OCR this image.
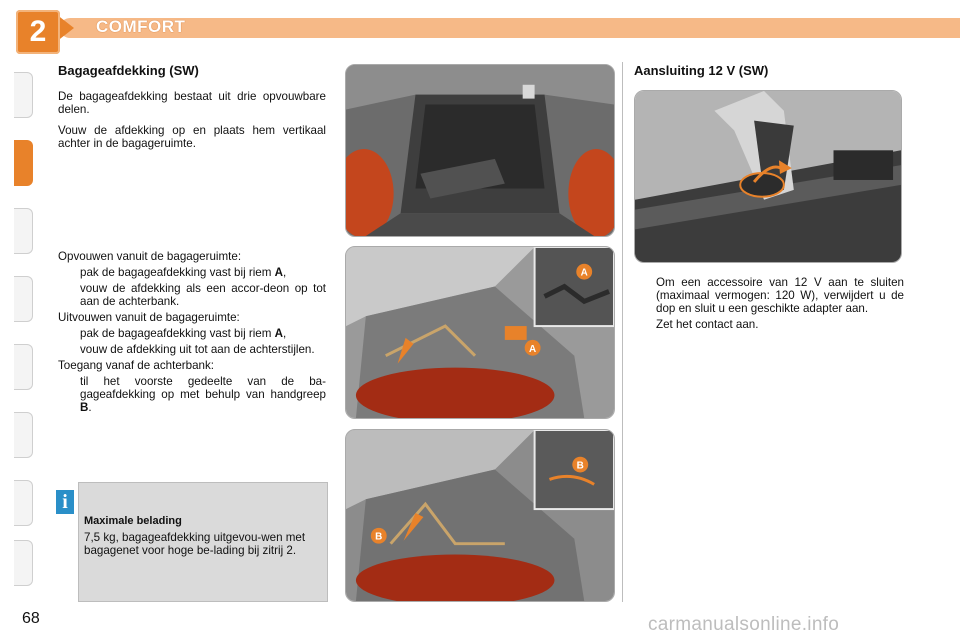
2	COMFORT
Bagageafdekking (SW)

De bagageafdekking bestaat uit drie opvouwbare delen.

Vouw de afdekking op en plaats hem vertikaal achter in de bagageruimte.

Opvouwen vanuit de bagageruimte:

pak de bagageafdekking vast bij riem A,
vouw de afdekking als een accor-deon op tot aan de achterbank.

Uitvouwen vanuit de bagageruimte:

pak de bagageafdekking vast bij riem A,
vouw de afdekking uit tot aan de achterstijlen.

Toegang vanaf de achterbank:

til het voorste gedeelte van de ba-gageafdekking op met behulp van handgreep B.
i
Maximale belading

7,5 kg, bagageafdekking uitgevou-wen met bagagenet voor hoge be-lading bij zitrij 2.

A
A
B
B
Aansluiting 12 V (SW)
Om een accessoire van 12 V aan te sluiten (maximaal vermogen: 120 W), verwijdert u de dop en sluit u een geschikte adapter aan.
Zet het contact aan.
68	carmanualsonline.info
